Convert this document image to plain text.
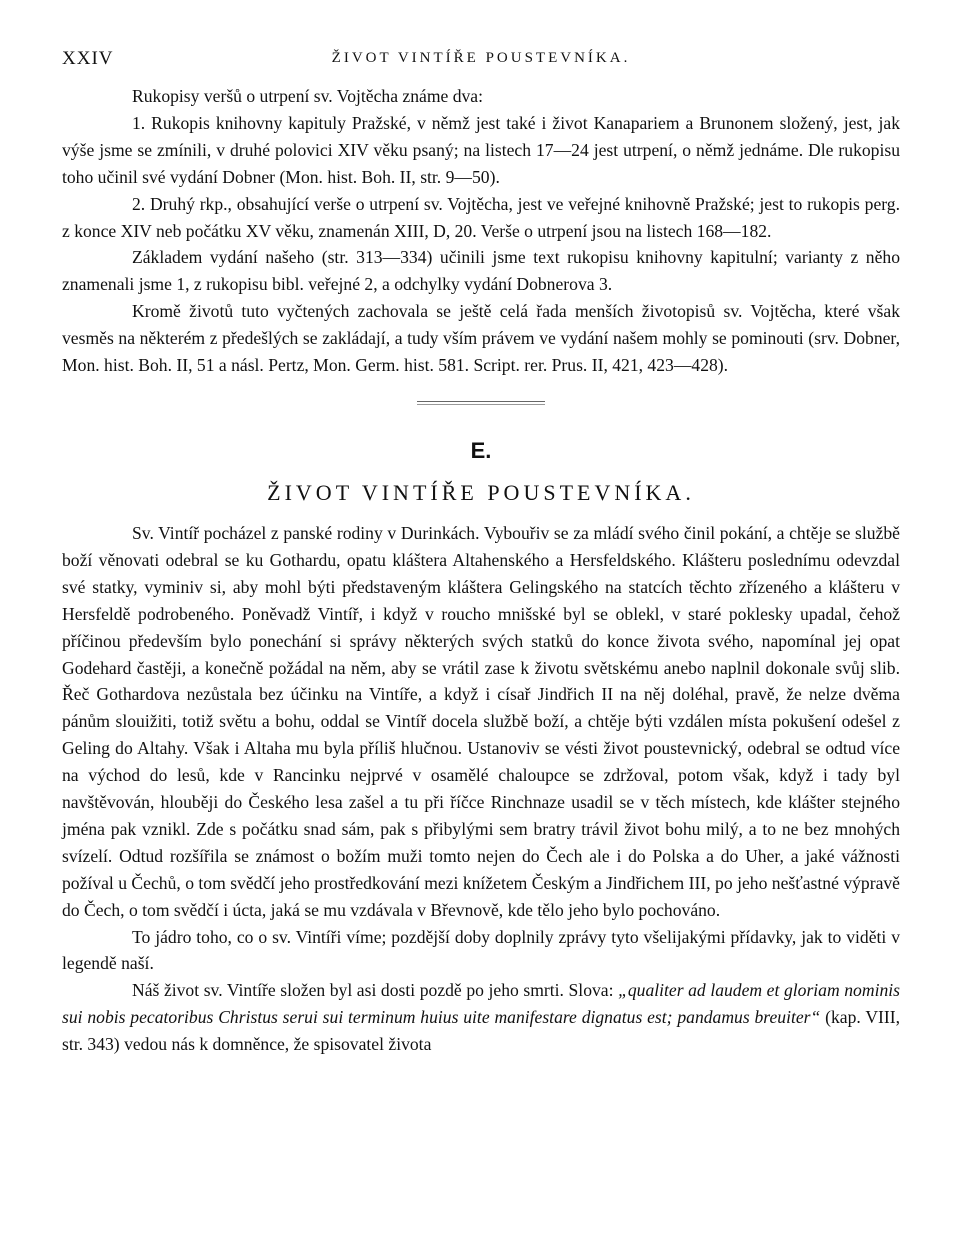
XXIV	ŽIVOT VINTÍŘE POUSTEVNÍKA.

Rukopisy veršů o utrpení sv. Vojtěcha známe dva:

1. Rukopis knihovny kapituly Pražské, v němž jest také i život Kanapariem a Brunonem složený, jest, jak výše jsme se zmínili, v druhé polovici XIV věku psaný; na listech 17—24 jest utrpení, o němž jednáme. Dle rukopisu toho učinil své vydání Dobner (Mon. hist. Boh. II, str. 9—50).

2. Druhý rkp., obsahující verše o utrpení sv. Vojtěcha, jest ve veřejné knihovně Pražské; jest to rukopis perg. z konce XIV neb počátku XV věku, znamenán XIII, D, 20. Verše o utrpení jsou na listech 168—182.

Základem vydání našeho (str. 313—334) učinili jsme text rukopisu knihovny kapitulní; varianty z něho znamenali jsme 1, z rukopisu bibl. veřejné 2, a odchylky vydání Dobnerova 3.

Kromě životů tuto vyčtených zachovala se ještě celá řada menších životopisů sv. Vojtěcha, které však vesměs na některém z předešlých se zakládají, a tudy vším právem ve vydání našem mohly se pominouti (srv. Dobner, Mon. hist. Boh. II, 51 a násl. Pertz, Mon. Germ. hist. 581. Script. rer. Prus. II, 421, 423—428).

E.
ŽIVOT VINTÍŘE POUSTEVNÍKA.

Sv. Vintíř pocházel z panské rodiny v Durinkách. Vybouřiv se za mládí svého činil pokání, a chtěje se službě boží věnovati odebral se ku Gothardu, opatu kláštera Altahenského a Hersfeldského. Klášteru poslednímu odevzdal své statky, vyminiv si, aby mohl býti představeným kláštera Gelingského na statcích těchto zřízeného a klášteru v Hersfeldě podrobeného. Poněvadž Vintíř, i když v roucho mnišské byl se oblekl, v staré poklesky upadal, čehož příčinou především bylo ponechání si správy některých svých statků do konce života svého, napomínal jej opat Godehard častěji, a konečně požádal na něm, aby se vrátil zase k životu světskému anebo naplnil dokonale svůj slib. Řeč Gothardova nezůstala bez účinku na Vintíře, a když i císař Jindřich II na něj doléhal, pravě, že nelze dvěma pánům slouižiti, totiž světu a bohu, oddal se Vintíř docela službě boží, a chtěje býti vzdálen místa pokušení odešel z Geling do Altahy. Však i Altaha mu byla příliš hlučnou. Ustanoviv se vésti život poustevnický, odebral se odtud více na východ do lesů, kde v Rancinku nejprvé v osamělé chaloupce se zdržoval, potom však, když i tady byl navštěvován, hlouběji do Českého lesa zašel a tu při říčce Rinchnaze usadil se v těch místech, kde klášter stejného jména pak vznikl. Zde s počátku snad sám, pak s přibylými sem bratry trávil život bohu milý, a to ne bez mnohých svízelí. Odtud rozšířila se známost o božím muži tomto nejen do Čech ale i do Polska a do Uher, a jaké vážnosti požíval u Čechů, o tom svědčí jeho prostředkování mezi knížetem Českým a Jindřichem III, po jeho nešťastné výpravě do Čech, o tom svědčí i úcta, jaká se mu vzdávala v Břevnově, kde tělo jeho bylo pochováno.

To jádro toho, co o sv. Vintíři víme; pozdější doby doplnily zprávy tyto všelijakými přídavky, jak to viděti v legendě naší.

Náš život sv. Vintíře složen byl asi dosti pozdě po jeho smrti. Slova: „qualiter ad laudem et gloriam nominis sui nobis pecatoribus Christus serui sui terminum huius uite manifestare dignatus est; pandamus breuiter“ (kap. VIII, str. 343) vedou nás k domněnce, že spisovatel života
